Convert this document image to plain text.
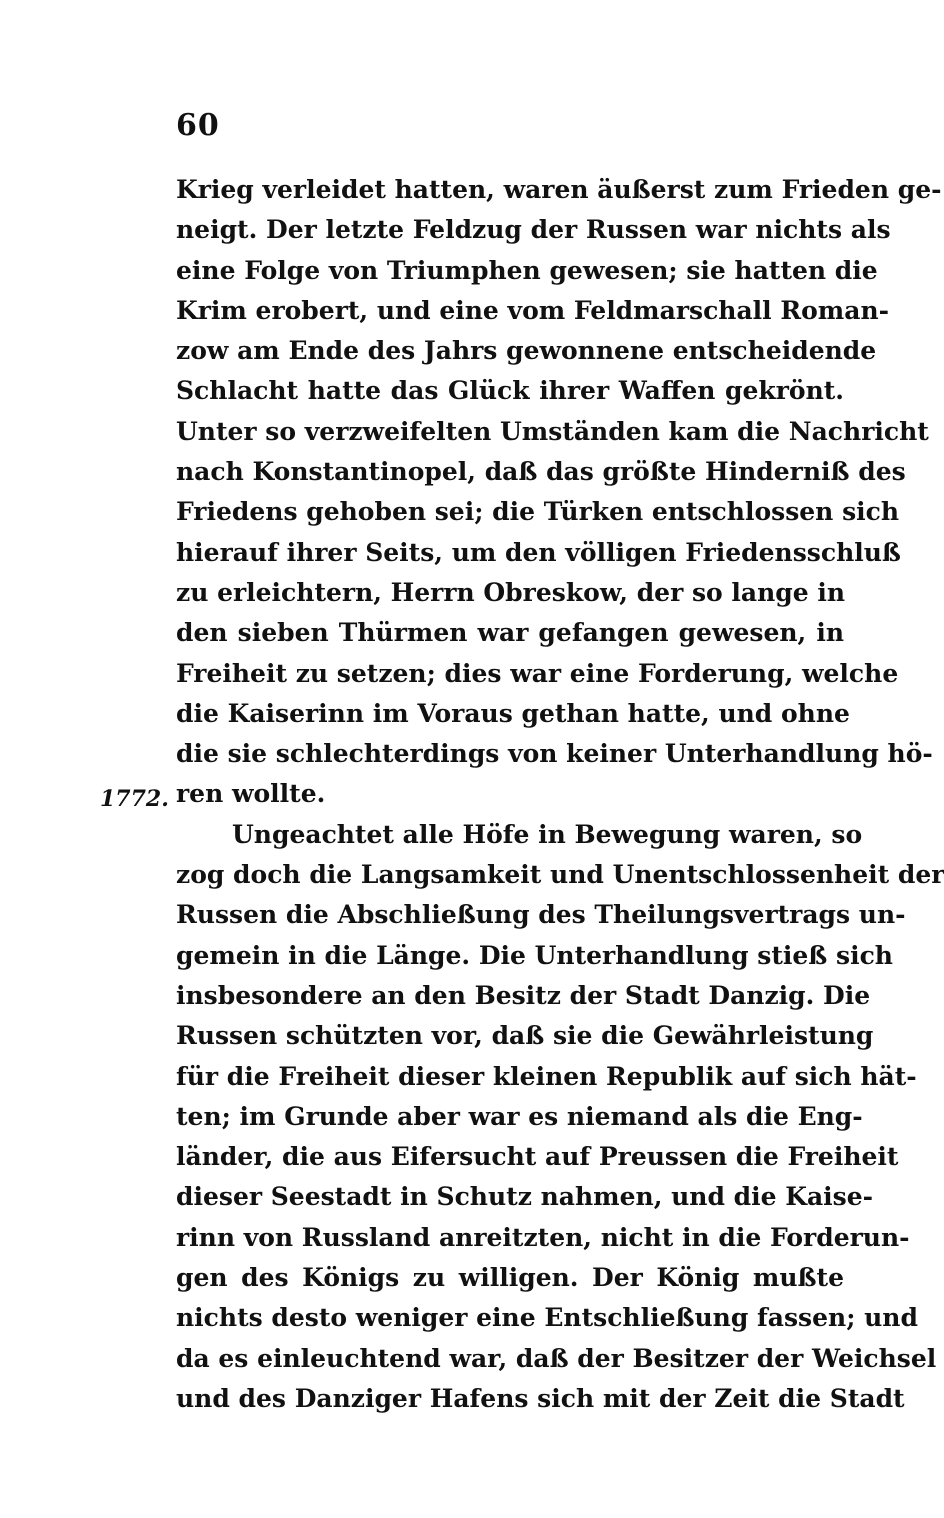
60
1772.
Krieg verleidet hatten, waren äußerst zum Frieden ge-
neigt. Der letzte Feldzug der Russen war nichts als
eine Folge von Triumphen gewesen; sie hatten die
Krim erobert, und eine vom Feldmarschall Roman-
zow am Ende des Jahrs gewonnene entscheidende
Schlacht hatte das Glück ihrer Waffen gekrönt.
Unter so verzweifelten Umständen kam die Nachricht
nach Konstantinopel, daß das größte Hinderniß des
Friedens gehoben sei; die Türken entschlossen sich
hierauf ihrer Seits, um den völligen Friedensschluß
zu erleichtern, Herrn Obreskow, der so lange in
den sieben Thürmen war gefangen gewesen, in
Freiheit zu setzen; dies war eine Forderung, welche
die Kaiserinn im Voraus gethan hatte, und ohne
die sie schlechterdings von keiner Unterhandlung hö-
ren wollte.
Ungeachtet alle Höfe in Bewegung waren, so
zog doch die Langsamkeit und Unentschlossenheit der
Russen die Abschließung des Theilungsvertrags un-
gemein in die Länge. Die Unterhandlung stieß sich
insbesondere an den Besitz der Stadt Danzig. Die
Russen schützten vor, daß sie die Gewährleistung
für die Freiheit dieser kleinen Republik auf sich hät-
ten; im Grunde aber war es niemand als die Eng-
länder, die aus Eifersucht auf Preussen die Freiheit
dieser Seestadt in Schutz nahmen, und die Kaise-
rinn von Russland anreitzten, nicht in die Forderun-
gen des Königs zu willigen. Der König mußte
nichts desto weniger eine Entschließung fassen; und
da es einleuchtend war, daß der Besitzer der Weichsel
und des Danziger Hafens sich mit der Zeit die Stadt
